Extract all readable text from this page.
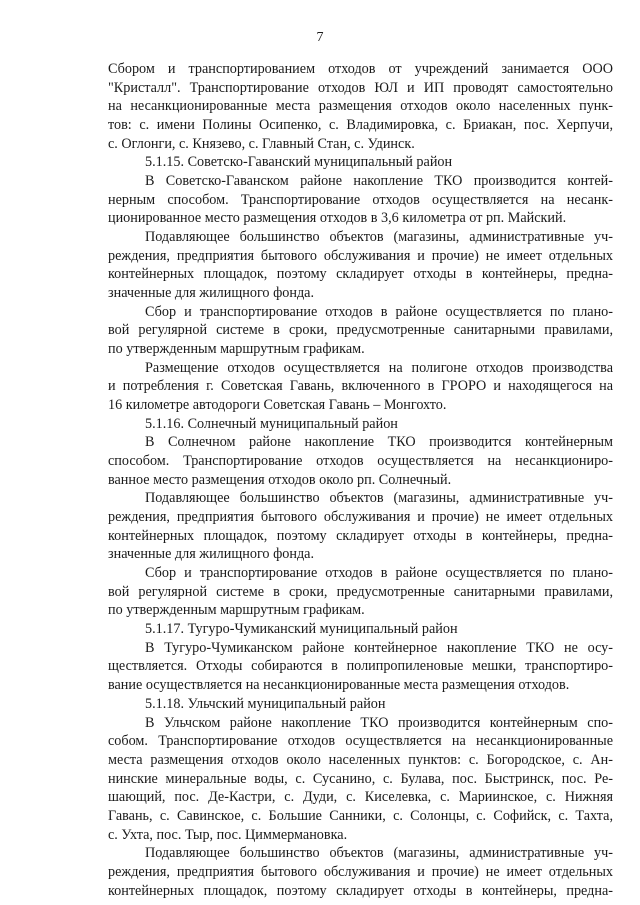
7
Сбором и транспортированием отходов от учреждений занимается ООО
"Кристалл". Транспортирование отходов ЮЛ и ИП проводят самостоятельно
на несанкционированные места размещения отходов около населенных пунк-
тов: с. имени Полины Осипенко, с. Владимировка, с. Бриакан, пос. Херпучи,
с. Оглонги, с. Князево, с. Главный Стан, с. Удинск.
5.1.15. Советско-Гаванский муниципальный район
В Советско-Гаванском районе накопление ТКО производится контей-
нерным способом. Транспортирование отходов осуществляется на несанк-
ционированное место размещения отходов в 3,6 километра от рп. Майский.
Подавляющее большинство объектов (магазины, административные уч-
реждения, предприятия бытового обслуживания и прочие) не имеет отдельных
контейнерных площадок, поэтому складирует отходы в контейнеры, предна-
значенные для жилищного фонда.
Сбор и транспортирование отходов в районе осуществляется по плано-
вой регулярной системе в сроки, предусмотренные санитарными правилами,
по утвержденным маршрутным графикам.
Размещение отходов осуществляется на полигоне отходов производства
и потребления г. Советская Гавань, включенного в ГРОРО и находящегося на
16 километре автодороги Советская Гавань – Монгохто.
5.1.16. Солнечный муниципальный район
В Солнечном районе накопление ТКО производится контейнерным
способом. Транспортирование отходов осуществляется на несанкциониро-
ванное место размещения отходов около рп. Солнечный.
Подавляющее большинство объектов (магазины, административные уч-
реждения, предприятия бытового обслуживания и прочие) не имеет отдельных
контейнерных площадок, поэтому складирует отходы в контейнеры, предна-
значенные для жилищного фонда.
Сбор и транспортирование отходов в районе осуществляется по плано-
вой регулярной системе в сроки, предусмотренные санитарными правилами,
по утвержденным маршрутным графикам.
5.1.17. Тугуро-Чумиканский муниципальный район
В Тугуро-Чумиканском районе контейнерное накопление ТКО не осу-
ществляется. Отходы собираются в полипропиленовые мешки, транспортиро-
вание осуществляется на несанкционированные места размещения отходов.
5.1.18. Ульчский муниципальный район
В Ульчском районе накопление ТКО производится контейнерным спо-
собом. Транспортирование отходов осуществляется на несанкционированные
места размещения отходов около населенных пунктов: с. Богородское, с. Ан-
нинские минеральные воды, с. Сусанино, с. Булава, пос. Быстринск, пос. Ре-
шающий, пос. Де-Кастри, с. Дуди, с. Киселевка, с. Мариинское, с. Нижняя
Гавань, с. Савинское, с. Большие Санники, с. Солонцы, с. Софийск, с. Тахта,
с. Ухта, пос. Тыр, пос. Циммермановка.
Подавляющее большинство объектов (магазины, административные уч-
реждения, предприятия бытового обслуживания и прочие) не имеет отдельных
контейнерных площадок, поэтому складирует отходы в контейнеры, предна-
